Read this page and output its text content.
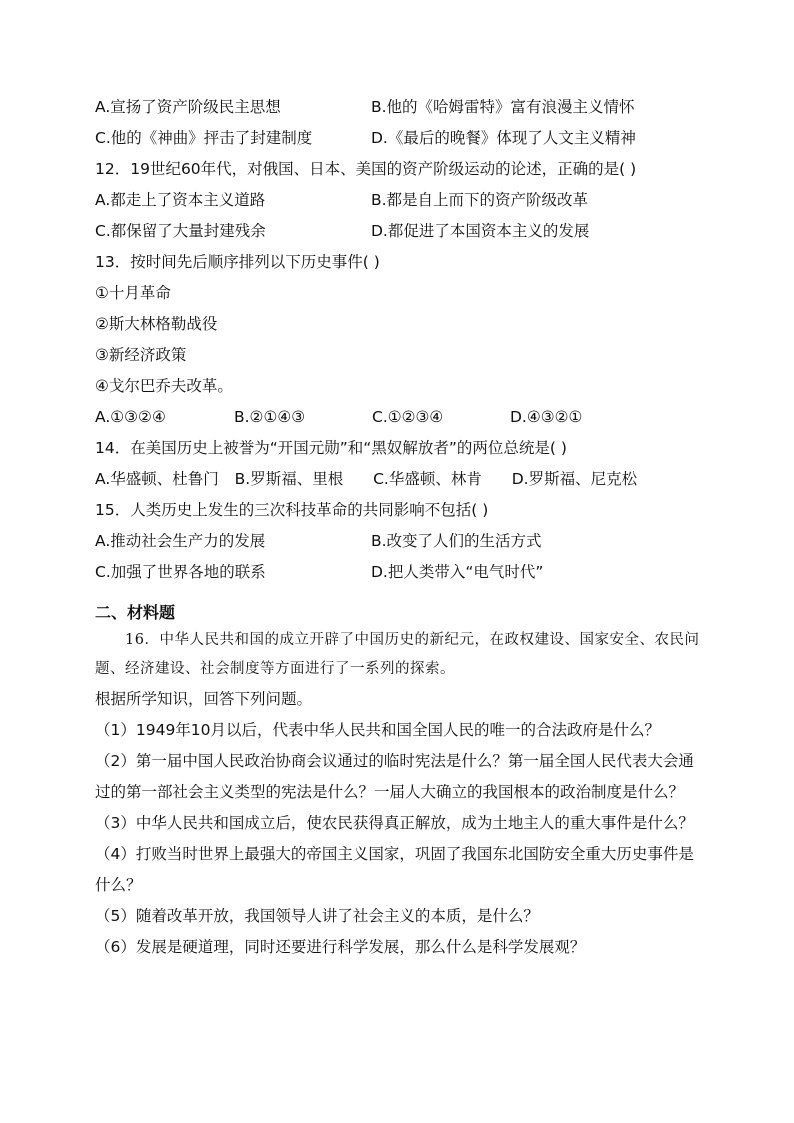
A.宣扬了资产阶级民主思想	B.他的《哈姆雷特》富有浪漫主义情怀
C.他的《神曲》抨击了封建制度	D.《最后的晚餐》体现了人文主义精神
12．19世纪60年代，对俄国、日本、美国的资产阶级运动的论述，正确的是( )
A.都走上了资本主义道路	B.都是自上而下的资产阶级改革
C.都保留了大量封建残余	D.都促进了本国资本主义的发展
13．按时间先后顺序排列以下历史事件( )
①十月革命
②斯大林格勒战役
③新经济政策
④戈尔巴乔夫改革。
A.①③②④	B.②①④③	C.①②③④	D.④③②①
14．在美国历史上被誉为“开国元勋”和“黑奴解放者”的两位总统是( )
A.华盛顿、杜鲁门 B.罗斯福、里根 C.华盛顿、林肯 D.罗斯福、尼克松
15．人类历史上发生的三次科技革命的共同影响不包括( )
A.推动社会生产力的发展	B.改变了人们的生活方式
C.加强了世界各地的联系	D.把人类带入“电气时代”
二、材料题
16．中华人民共和国的成立开辟了中国历史的新纪元，在政权建设、国家安全、农民问题、经济建设、社会制度等方面进行了一系列的探索。
根据所学知识，回答下列问题。
（1）1949年10月以后，代表中华人民共和国全国人民的唯一的合法政府是什么？
（2）第一届中国人民政治协商会议通过的临时宪法是什么？第一届全国人民代表大会通过的第一部社会主义类型的宪法是什么？一届人大确立的我国根本的政治制度是什么？
（3）中华人民共和国成立后，使农民获得真正解放，成为土地主人的重大事件是什么？
（4）打败当时世界上最强大的帝国主义国家，巩固了我国东北国防安全重大历史事件是什么？
（5）随着改革开放，我国领导人讲了社会主义的本质，是什么？
（6）发展是硬道理，同时还要进行科学发展，那么什么是科学发展观？
